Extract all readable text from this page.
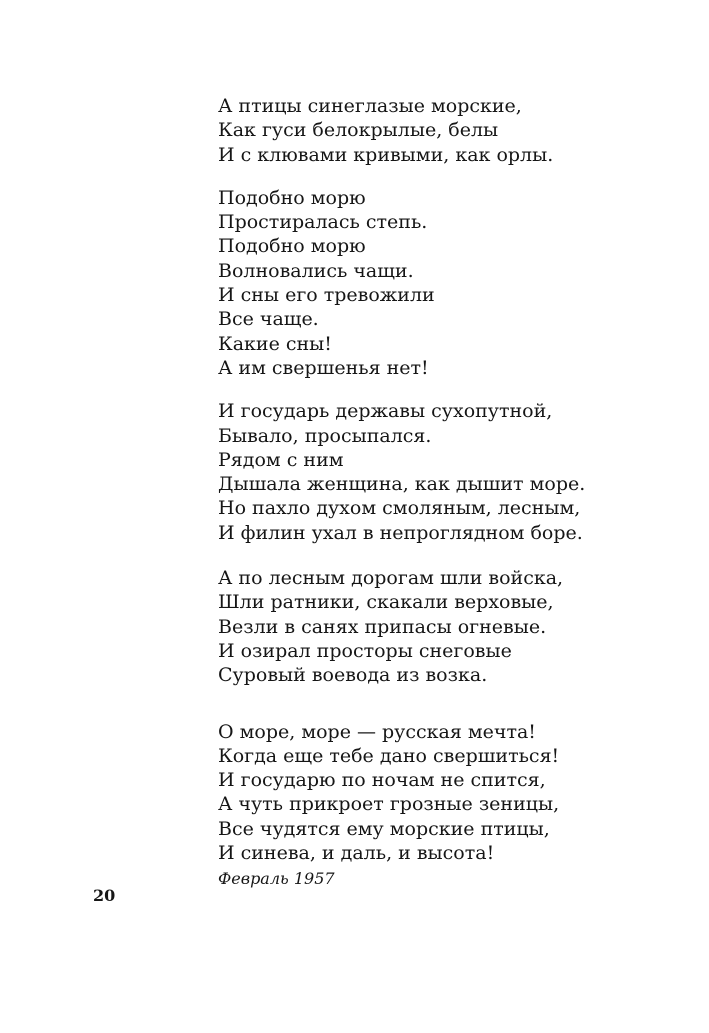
А птицы синеглазые морские,
Как гуси белокрылые, белы
И с клювами кривыми, как орлы.
Подобно морю
Простиралась степь.
Подобно морю
Волновались чащи.
И сны его тревожили
Все чаще.
Какие сны!
А им свершенья нет!
И государь державы сухопутной,
Бывало, просыпался.
Рядом с ним
Дышала женщина, как дышит море.
Но пахло духом смоляным, лесным,
И филин ухал в непроглядном боре.
А по лесным дорогам шли войска,
Шли ратники, скакали верховые,
Везли в санях припасы огневые.
И озирал просторы снеговые
Суровый воевода из возка.
О море, море — русская мечта!
Когда еще тебе дано свершиться!
И государю по ночам не спится,
А чуть прикроет грозные зеницы,
Все чудятся ему морские птицы,
И синева, и даль, и высота!
Февраль 1957
20
